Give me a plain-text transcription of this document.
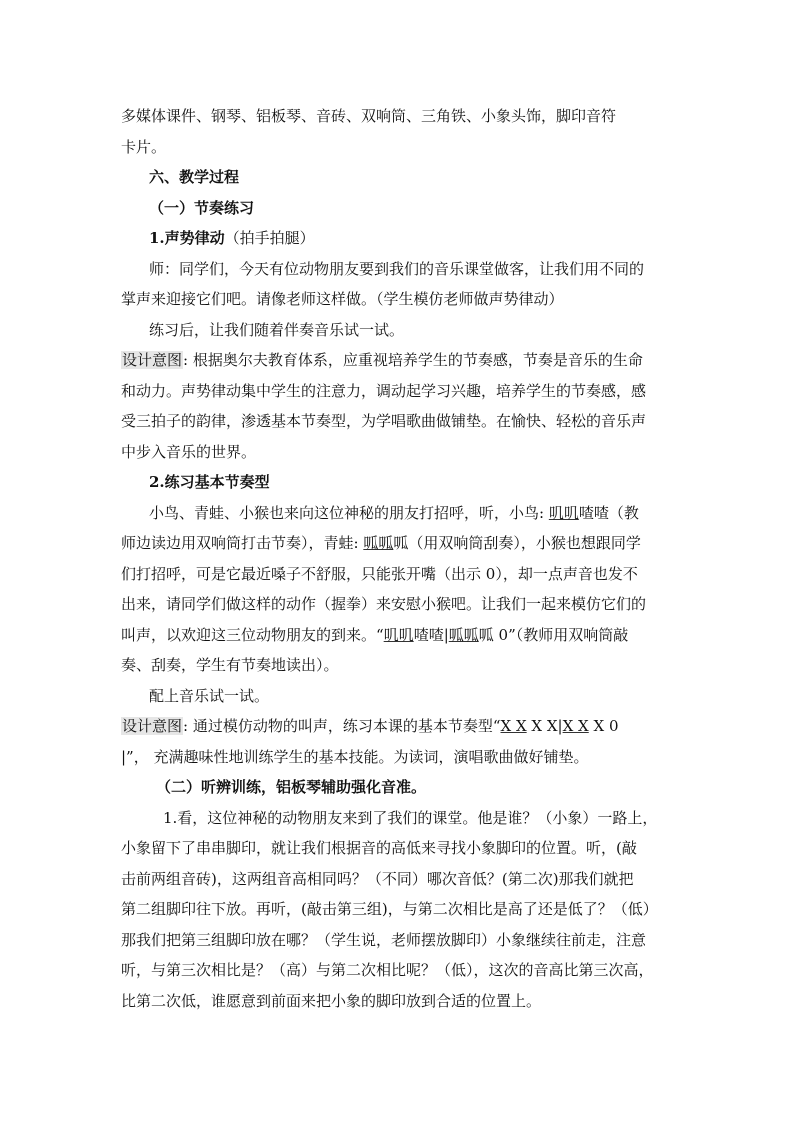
多媒体课件、钢琴、铝板琴、音砖、双响筒、三角铁、小象头饰，脚印音符
卡片。
六、教学过程
（一）节奏练习
1.声势律动（拍手拍腿）
师：同学们，今天有位动物朋友要到我们的音乐课堂做客，让我们用不同的
掌声来迎接它们吧。请像老师这样做。（学生模仿老师做声势律动）
练习后，让我们随着伴奏音乐试一试。
设计意图: 根据奥尔夫教育体系，应重视培养学生的节奏感，节奏是音乐的生命
和动力。声势律动集中学生的注意力，调动起学习兴趣，培养学生的节奏感，感
受三拍子的韵律，渗透基本节奏型，为学唱歌曲做铺垫。在愉快、轻松的音乐声
中步入音乐的世界。
2.练习基本节奏型
小鸟、青蛙、小猴也来向这位神秘的朋友打招呼，听，小鸟: 叽叽喳喳（教
师边读边用双响筒打击节奏），青蛙: 呱呱呱（用双响筒刮奏），小猴也想跟同学
们打招呼，可是它最近嗓子不舒服，只能张开嘴（出示 0），却一点声音也发不
出来，请同学们做这样的动作（握拳）来安慰小猴吧。让我们一起来模仿它们的
叫声，以欢迎这三位动物朋友的到来。“叽叽喳喳|呱呱呱 0”（教师用双响筒敲
奏、刮奏，学生有节奏地读出）。
配上音乐试一试。
设计意图: 通过模仿动物的叫声，练习本课的基本节奏型“X X X X|X X X 0
|”， 充满趣味性地训练学生的基本技能。为读词，演唱歌曲做好铺垫。
（二）听辨训练，铝板琴辅助强化音准。
1.看，这位神秘的动物朋友来到了我们的课堂。他是谁？（小象）一路上，
小象留下了串串脚印，就让我们根据音的高低来寻找小象脚印的位置。听，(敲
击前两组音砖)，这两组音高相同吗？（不同）哪次音低？(第二次)那我们就把
第二组脚印往下放。再听，(敲击第三组)，与第二次相比是高了还是低了？（低）
那我们把第三组脚印放在哪？（学生说，老师摆放脚印）小象继续往前走，注意
听，与第三次相比是？（高）与第二次相比呢？（低），这次的音高比第三次高，
比第二次低，谁愿意到前面来把小象的脚印放到合适的位置上。
